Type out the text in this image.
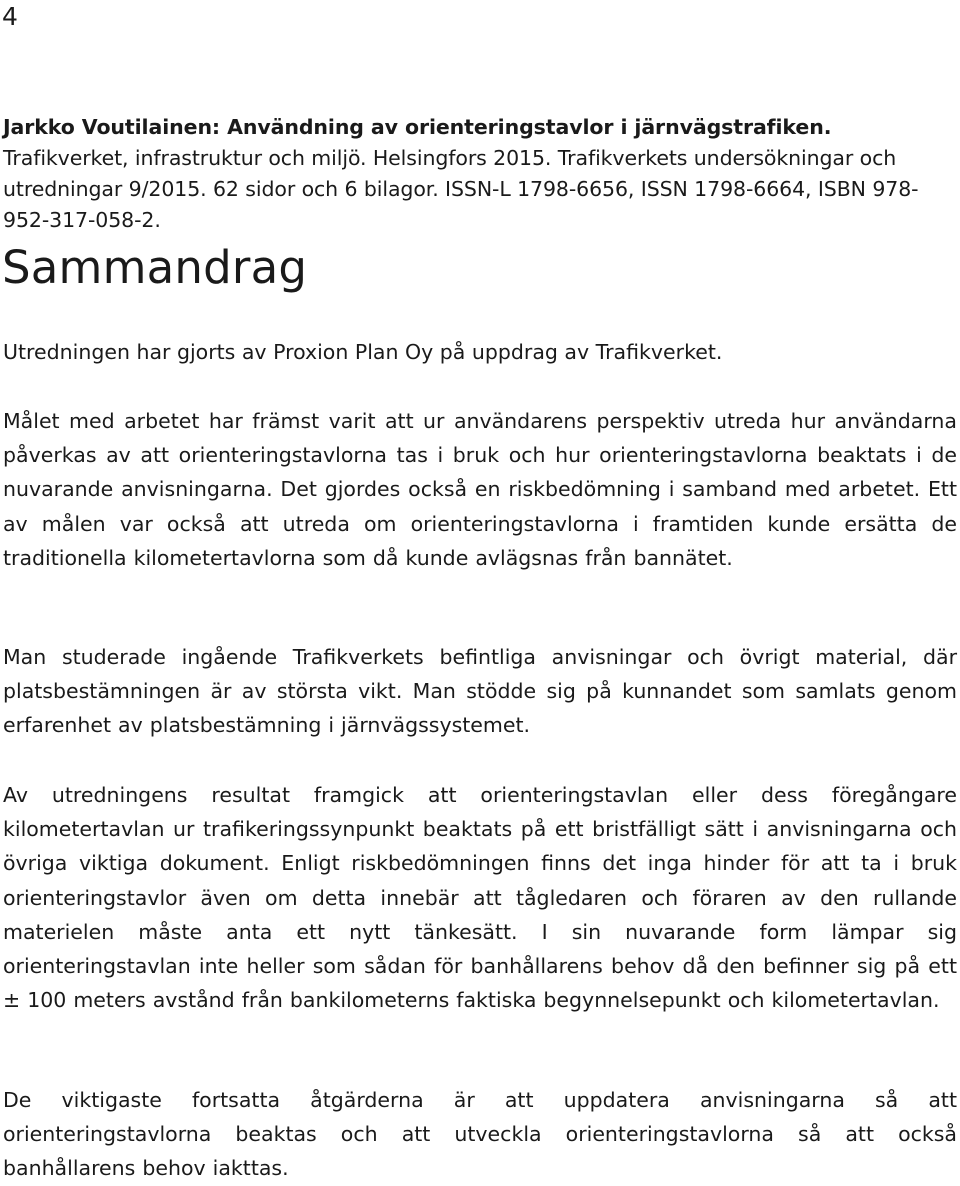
4

Jarkko Voutilainen: Användning av orienteringstavlor i järnvägstrafiken. Trafikverket, infrastruktur och miljö. Helsingfors 2015. Trafikverkets undersökningar och utredningar 9/2015. 62 sidor och 6 bilagor. ISSN-L 1798-6656, ISSN 1798-6664, ISBN 978-952-317-058-2.

Sammandrag

Utredningen har gjorts av Proxion Plan Oy på uppdrag av Trafikverket.

Målet med arbetet har främst varit att ur användarens perspektiv utreda hur användarna påverkas av att orienteringstavlorna tas i bruk och hur orienteringstavlorna beaktats i de nuvarande anvisningarna. Det gjordes också en riskbedömning i samband med arbetet. Ett av målen var också att utreda om orienteringstavlorna i framtiden kunde ersätta de traditionella kilometertavlorna som då kunde avlägsnas från bannätet.

Man studerade ingående Trafikverkets befintliga anvisningar och övrigt material, där platsbestämningen är av största vikt. Man stödde sig på kunnandet som samlats genom erfarenhet av platsbestämning i järnvägssystemet.

Av utredningens resultat framgick att orienteringstavlan eller dess föregångare kilometertavlan ur trafikeringssynpunkt beaktats på ett bristfälligt sätt i anvisningarna och övriga viktiga dokument. Enligt riskbedömningen finns det inga hinder för att ta i bruk orienteringstavlor även om detta innebär att tågledaren och föraren av den rullande materielen måste anta ett nytt tänkesätt. I sin nuvarande form lämpar sig orienteringstavlan inte heller som sådan för banhållarens behov då den befinner sig på ett ± 100 meters avstånd från bankilometerns faktiska begynnelsepunkt och kilometertavlan.

De viktigaste fortsatta åtgärderna är att uppdatera anvisningarna så att orienteringstavlorna beaktas och att utveckla orienteringstavlorna så att också banhållarens behov iakttas.
